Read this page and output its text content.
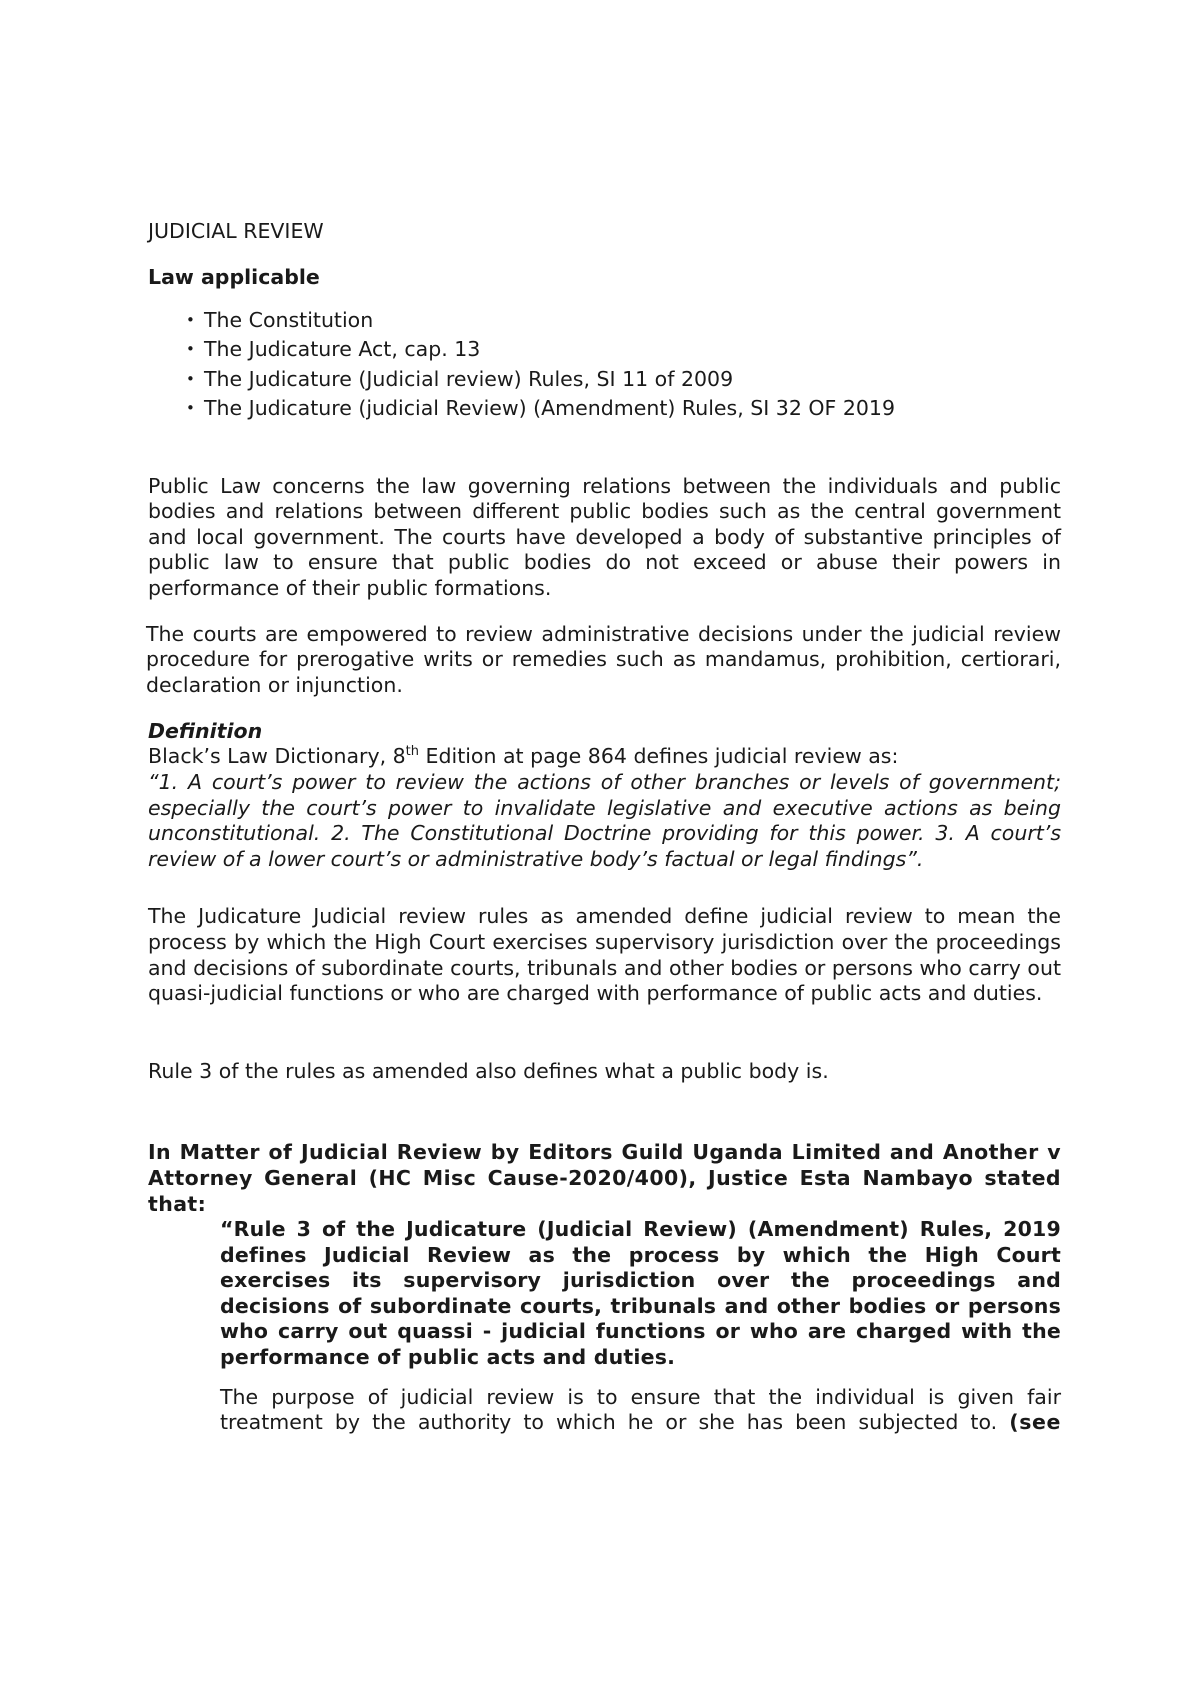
JUDICIAL REVIEW
Law applicable
• The Constitution
• The Judicature Act, cap. 13
• The Judicature (Judicial review) Rules, SI 11 of 2009
• The Judicature (judicial Review) (Amendment) Rules, SI 32 OF 2019

Public Law concerns the law governing relations between the individuals and public bodies and relations between different public bodies such as the central government and local government. The courts have developed a body of substantive principles of public law to ensure that public bodies do not exceed or abuse their powers in performance of their public formations.

The courts are empowered to review administrative decisions under the judicial review procedure for prerogative writs or remedies such as mandamus, prohibition, certiorari, declaration or injunction.

Definition

Black’s Law Dictionary, 8th Edition at page 864 defines judicial review as:

“1. A court’s power to review the actions of other branches or levels of government; especially the court’s power to invalidate legislative and executive actions as being unconstitutional. 2. The Constitutional Doctrine providing for this power. 3. A court’s review of a lower court’s or administrative body’s factual or legal findings”.

The Judicature Judicial review rules as amended define judicial review to mean the process by which the High Court exercises supervisory jurisdiction over the proceedings and decisions of subordinate courts, tribunals and other bodies or persons who carry out quasi-judicial functions or who are charged with performance of public acts and duties.

Rule 3 of the rules as amended also defines what a public body is.

In Matter of Judicial Review by Editors Guild Uganda Limited and Another v Attorney General (HC Misc Cause-2020/400), Justice Esta Nambayo stated that:

“Rule 3 of the Judicature (Judicial Review) (Amendment) Rules, 2019 defines Judicial Review as the process by which the High Court exercises its supervisory jurisdiction over the proceedings and decisions of subordinate courts, tribunals and other bodies or persons who carry out quassi - judicial functions or who are charged with the performance of public acts and duties.

The purpose of judicial review is to ensure that the individual is given fair treatment by the authority to which he or she has been subjected to. (see
